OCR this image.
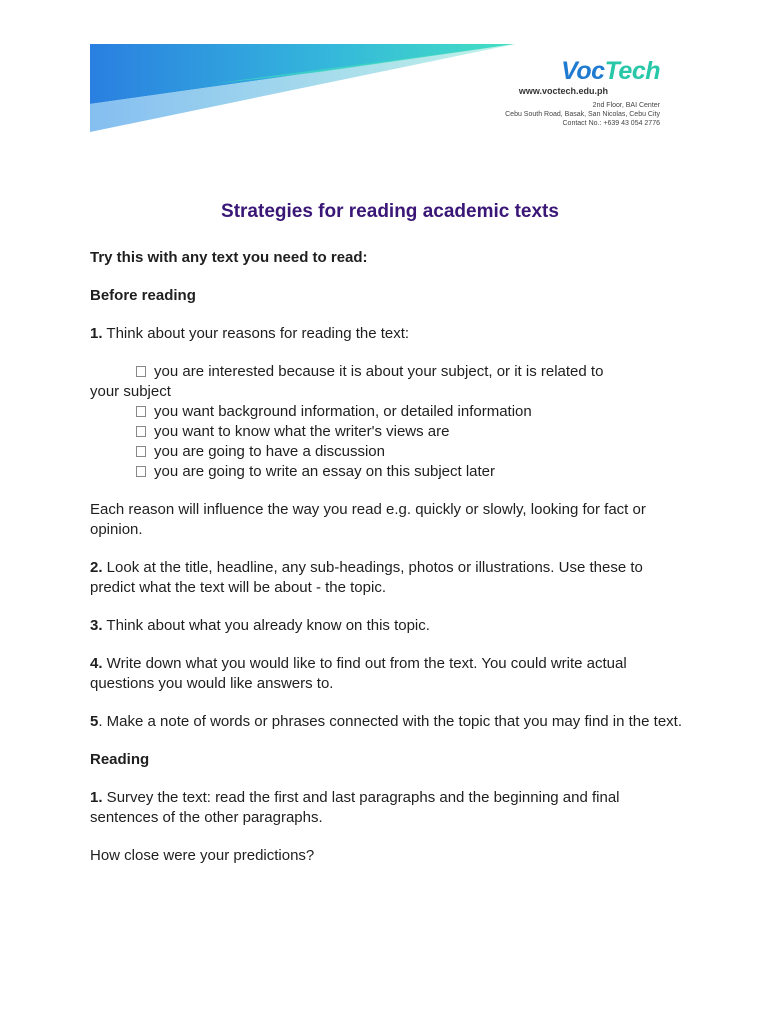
VocTech
www.voctech.edu.ph
2nd Floor, BAI Center
Cebu South Road, Basak, San Nicolas, Cebu City
Contact No.: +639 43 054 2776
Strategies for reading academic texts

Try this with any text you need to read:

Before reading

1. Think about your reasons for reading the text:

you are interested because it is about your subject, or it is related to
your subject
you want background information, or detailed information
you want to know what the writer's views are
you are going to have a discussion
you are going to write an essay on this subject later

Each reason will influence the way you read e.g. quickly or slowly, looking for fact or opinion.

2. Look at the title, headline, any sub-headings, photos or illustrations. Use these to predict what the text will be about - the topic.

3. Think about what you already know on this topic.

4. Write down what you would like to find out from the text. You could write actual questions you would like answers to.

5. Make a note of words or phrases connected with the topic that you may find in the text.

Reading

1. Survey the text: read the first and last paragraphs and the beginning and final sentences of the other paragraphs.

How close were your predictions?
